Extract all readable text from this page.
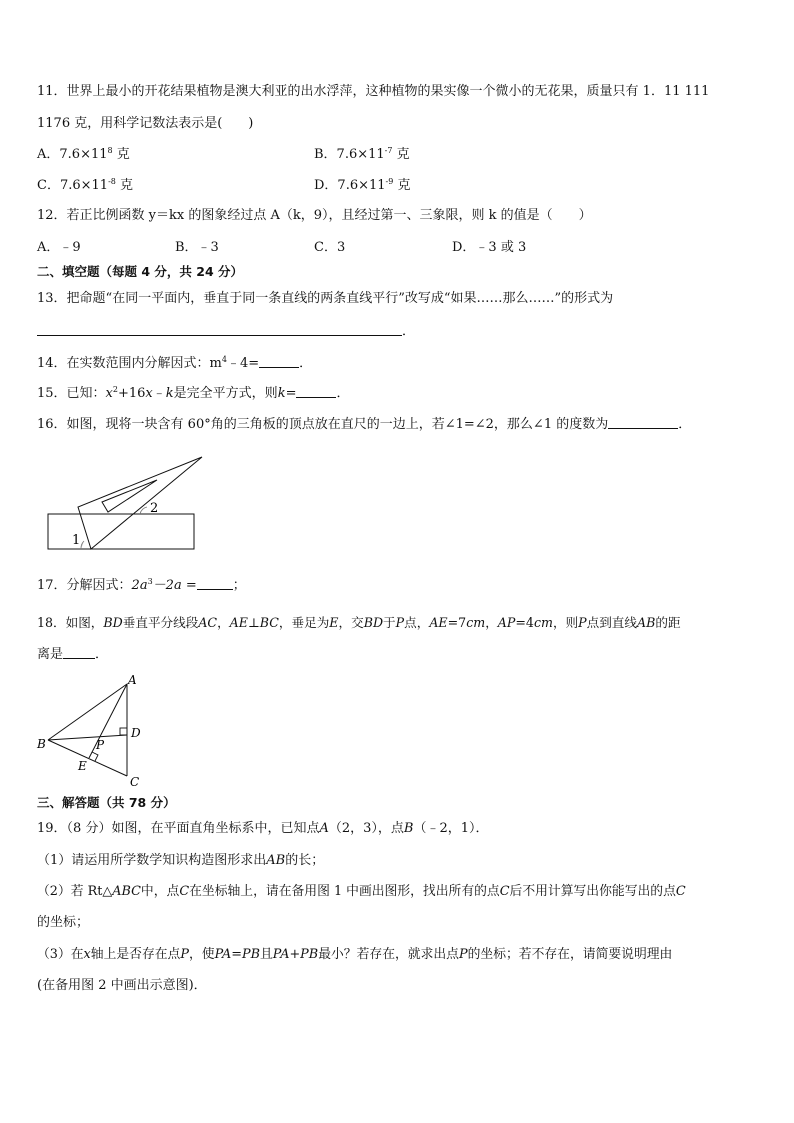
11．世界上最小的开花结果植物是澳大利亚的出水浮萍，这种植物的果实像一个微小的无花果，质量只有 1．11 111
1176 克，用科学记数法表示是(　　)
A．$7.6\times 11^8$ 克	B．$7.6\times 11^{-7}$ 克
C．$7.6\times 11^{-8}$ 克	D．$7.6\times 11^{-9}$ 克
12．若正比例函数 y＝kx 的图象经过点 A（k，9），且经过第一、三象限，则 k 的值是（　　）
A．﹣9	B．﹣3	C．3	D．﹣3 或 3
二、填空题（每题 4 分，共 24 分）
13．把命题“在同一平面内，垂直于同一条直线的两条直线平行”改写成“如果……那么……”的形式为
．
14．在实数范围内分解因式：$m^4﹣4=$	．
15．已知：$x^2+16x﹣k$是完全平方式，则k=	．
16．如图，现将一块含有 60°角的三角板的顶点放在直尺的一边上，若∠1=∠2，那么∠1 的度数为	．
1
2
17．分解因式：$2a^3-2a$ =	；
18．如图，BD垂直平分线段AC，AE⊥BC，垂足为E，交BD于P点，AE=7cm，AP=4cm，则P点到直线AB的距
离是 ．
A
B
C
D
E
P
三、解答题（共 78 分）
19．（8 分）如图，在平面直角坐标系中，已知点A（2，3），点B（﹣2，1）．
（1）请运用所学数学知识构造图形求出AB的长；
（2）若 Rt△ABC中，点C在坐标轴上，请在备用图 1 中画出图形，找出所有的点C后不用计算写出你能写出的点C
的坐标；
（3）在x轴上是否存在点P，使PA=PB且PA+PB最小？若存在，就求出点P的坐标；若不存在，请简要说明理由
(在备用图 2 中画出示意图)．
